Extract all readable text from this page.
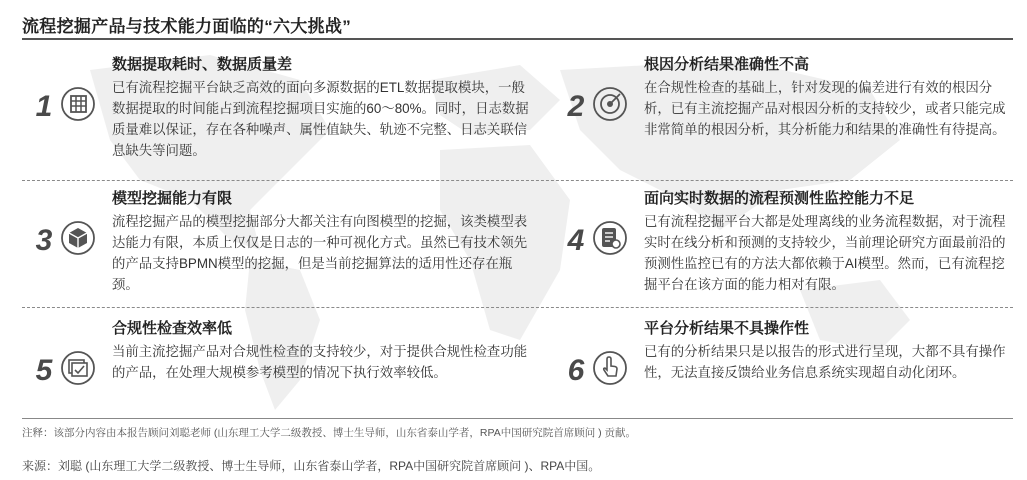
流程挖掘产品与技术能力面临的“六大挑战”
1
数据提取耗时、数据质量差
已有流程挖掘平台缺乏高效的面向多源数据的ETL数据提取模块，一般数据提取的时间能占到流程挖掘项目实施的60～80%。同时，日志数据质量难以保证，存在各种噪声、属性值缺失、轨迹不完整、日志关联信息缺失等问题。
2
根因分析结果准确性不高
在合规性检查的基础上，针对发现的偏差进行有效的根因分析，已有主流挖掘产品对根因分析的支持较少，或者只能完成非常简单的根因分析，其分析能力和结果的准确性有待提高。
3
模型挖掘能力有限
流程挖掘产品的模型挖掘部分大都关注有向图模型的挖掘，该类模型表达能力有限，本质上仅仅是日志的一种可视化方式。虽然已有技术领先的产品支持BPMN模型的挖掘，但是当前挖掘算法的适用性还存在瓶颈。
4
面向实时数据的流程预测性监控能力不足
已有流程挖掘平台大都是处理离线的业务流程数据，对于流程实时在线分析和预测的支持较少，当前理论研究方面最前沿的预测性监控已有的方法大都依赖于AI模型。然而，已有流程挖掘平台在该方面的能力相对有限。
5
合规性检查效率低
当前主流挖掘产品对合规性检查的支持较少，对于提供合规性检查功能的产品，在处理大规模参考模型的情况下执行效率较低。	6
平台分析结果不具操作性
已有的分析结果只是以报告的形式进行呈现，大都不具有操作性，无法直接反馈给业务信息系统实现超自动化闭环。
注释：该部分内容由本报告顾问刘聪老师 (山东理工大学二级教授、博士生导师，山东省泰山学者，RPA中国研究院首席顾问 ) 贡献。
来源：刘聪 (山东理工大学二级教授、博士生导师，山东省泰山学者，RPA中国研究院首席顾问 )、RPA中国。
